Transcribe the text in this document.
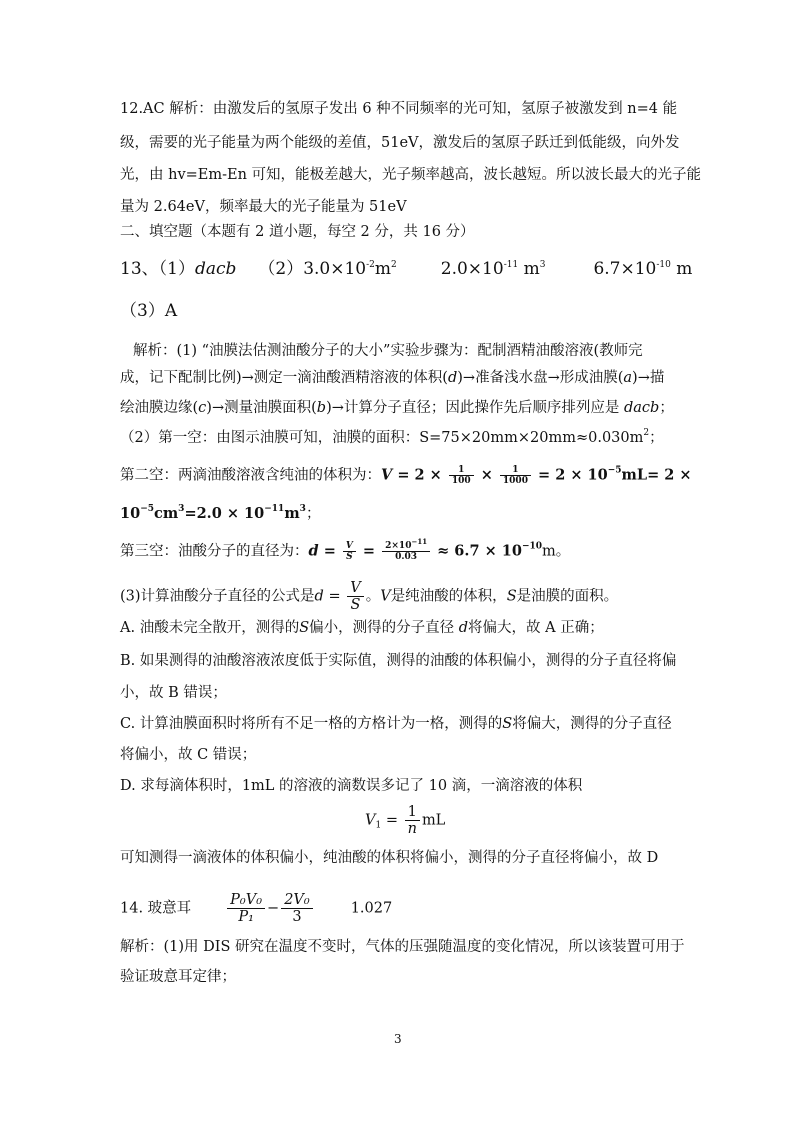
12.AC 解析：由激发后的氢原子发出 6 种不同频率的光可知，氢原子被激发到 n=4 能
级，需要的光子能量为两个能级的差值，51eV，激发后的氢原子跃迁到低能级，向外发
光，由 hv=Em-En 可知，能极差越大，光子频率越高，波长越短。所以波长最大的光子能
量为 2.64eV，频率最大的光子能量为 51eV
二、填空题（本题有 2 道小题，每空 2 分，共 16 分）
13、（1）dacb $(2)3.0\times 10^{-2}m^2$	$2.0\times 10^{-11}$ $m^3$	$6.7\times 10^{-10}$ m
（3）A
解析：(1) “油膜法估测油酸分子的大小”实验步骤为：配制酒精油酸溶液(教师完
成，记下配制比例)→测定一滴油酸酒精溶液的体积(d)→准备浅水盘→形成油膜(a)→描
绘油膜边缘(c)→测量油膜面积(b)→计算分子直径；因此操作先后顺序排列应是 dacb；
（2）第一空：由图示油膜可知，油膜的面积：$S=75\times 20mm\times 20mm\approx 0.030m^2$；
第二空：两滴油酸溶液含纯油的体积为：$V = 2 \times \frac{1}{100} \times \frac{1}{1000} = 2 \times 10^{-5}mL= 2$ ×
$10^{-5}cm^3=2.0 \times 10^{-11}m^3$；
第三空：油酸分子的直径为：$d = \frac{V}{S} = \frac{2\times 10^{-11}}{0.03} \approx 6.7 \times 10^{-10}m$。
(3)计算油酸分子直径的公式是$d = \frac{V}{S}$ 。V是纯油酸的体积，S是油膜的面积。
A. 油酸未完全散开，测得的S偏小，测得的分子直径 d将偏大，故 A 正确；
B. 如果测得的油酸溶液浓度低于实际值，测得的油酸的体积偏小，测得的分子直径将偏
小，故 B 错误；
C. 计算油膜面积时将所有不足一格的方格计为一格，测得的S将偏大，测得的分子直径
将偏小，故 C 错误；
D. 求每滴体积时，1mL 的溶液的滴数误多记了 10 滴，一滴溶液的体积
$V_1 = \frac{1}{n}$ mL
可知测得一滴液体的体积偏小，纯油酸的体积将偏小，测得的分子直径将偏小，故 D
14. 玻意耳 $\frac{\text{P₀V₀}}{\text{P₁}} - \frac{\text{2V₀}}{3}$	1.027
解析：(1)用 DIS 研究在温度不变时，气体的压强随温度的变化情况，所以该装置可用于
验证玻意耳定律；
3
